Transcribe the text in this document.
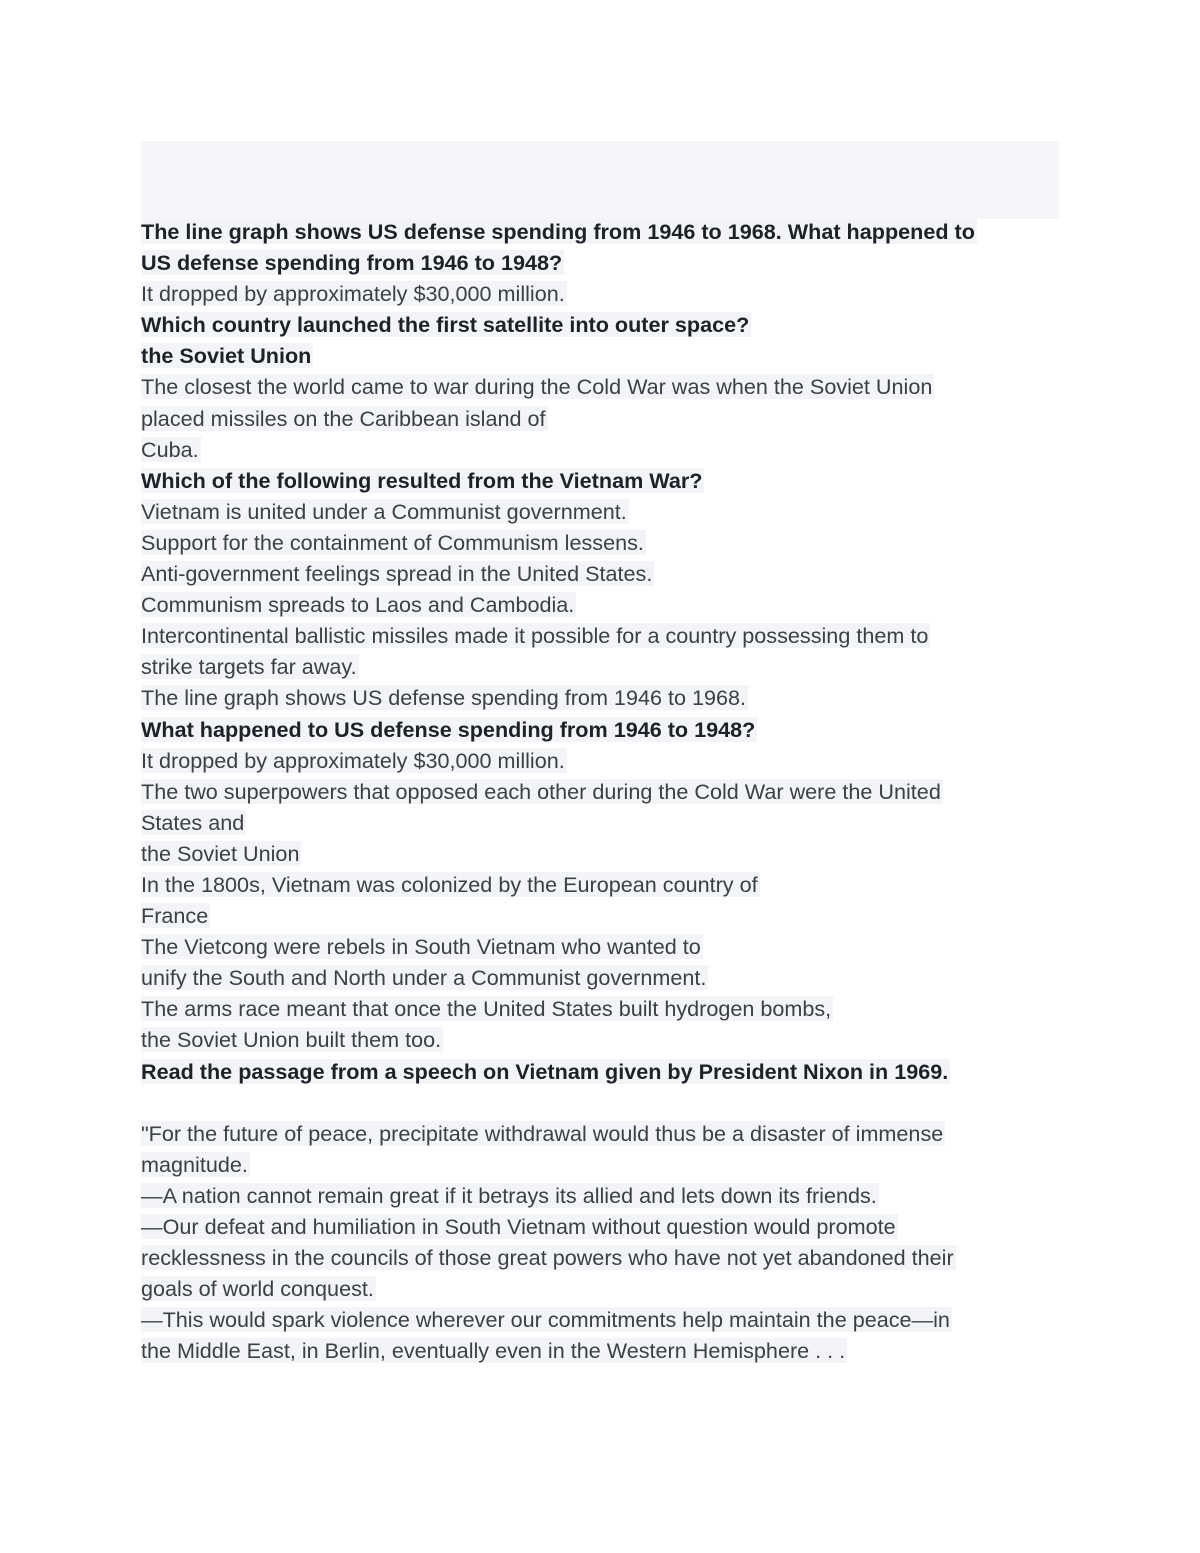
The line graph shows US defense spending from 1946 to 1968. What happened to
US defense spending from 1946 to 1948?
It dropped by approximately $30,000 million.
Which country launched the first satellite into outer space?
the Soviet Union
The closest the world came to war during the Cold War was when the Soviet Union
placed missiles on the Caribbean island of
Cuba.
Which of the following resulted from the Vietnam War?
Vietnam is united under a Communist government.
Support for the containment of Communism lessens.
Anti-government feelings spread in the United States.
Communism spreads to Laos and Cambodia.
Intercontinental ballistic missiles made it possible for a country possessing them to
strike targets far away.
The line graph shows US defense spending from 1946 to 1968.
What happened to US defense spending from 1946 to 1948?
It dropped by approximately $30,000 million.
The two superpowers that opposed each other during the Cold War were the United
States and
the Soviet Union
In the 1800s, Vietnam was colonized by the European country of
France
The Vietcong were rebels in South Vietnam who wanted to
unify the South and North under a Communist government.
The arms race meant that once the United States built hydrogen bombs,
the Soviet Union built them too.
Read the passage from a speech on Vietnam given by President Nixon in 1969.
"For the future of peace, precipitate withdrawal would thus be a disaster of immense
magnitude.
—A nation cannot remain great if it betrays its allied and lets down its friends.
—Our defeat and humiliation in South Vietnam without question would promote
recklessness in the councils of those great powers who have not yet abandoned their
goals of world conquest.
—This would spark violence wherever our commitments help maintain the peace—in
the Middle East, in Berlin, eventually even in the Western Hemisphere . . .
